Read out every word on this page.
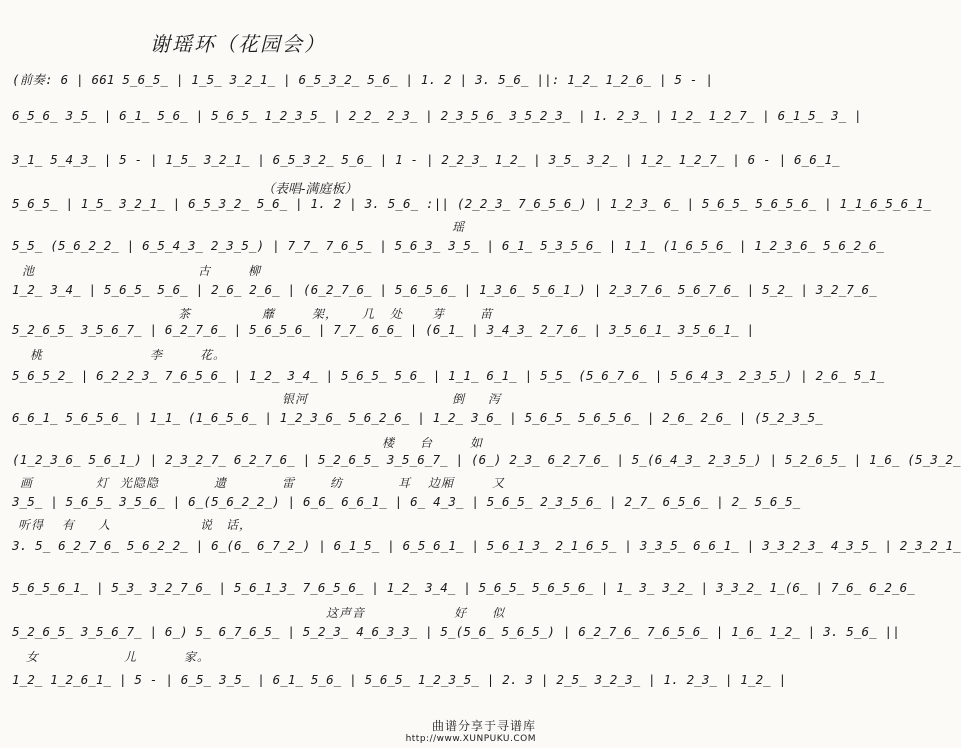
谢瑶环（花园会）
(前奏: 6 | 661 5̲6̲5̲ | 1̲5̲ 3̲2̲1̲ | 6̲5̲3̲2̲ 5̲6̲ | 1. 2 | 3. 5̲6̲ ||: 1̲2̲ 1̲2̲6̲ | 5 - |
6̲5̲6̲ 3̲5̲ | 6̲1̲ 5̲6̲ | 5̲6̲5̲ 1̲2̲3̲5̲ | 2̲2̲ 2̲3̲ | 2̲3̲5̲6̲ 3̲5̲2̲3̲ | 1. 2̲3̲ | 1̲2̲ 1̲2̲7̲ | 6̲1̲5̲ 3̲ |
3̲1̲ 5̲4̲3̲ | 5 - | 1̲5̲ 3̲2̲1̲ | 6̲5̲3̲2̲ 5̲6̲ | 1 - | 2̲2̲3̲ 1̲2̲ | 3̲5̲ 3̲2̲ | 1̲2̲ 1̲2̲7̲ | 6 - | 6̲6̲1̲
（表唱-满庭板）
5̲6̲5̲ | 1̲5̲ 3̲2̲1̲ | 6̲5̲3̲2̲ 5̲6̲ | 1. 2 | 3. 5̲6̲ :|| (2̲2̲3̲ 7̲6̲5̲6̲) | 1̲2̲3̲ 6̲ | 5̲6̲5̲ 5̲6̲5̲6̲ | 1̲1̲6̲5̲6̲1̲
瑶
5̲5̲ (5̲6̲2̲2̲ | 6̲5̲4̲3̲ 2̲3̲5̲) | 7̲7̲ 7̲6̲5̲ | 5̲6̲3̲ 3̲5̲ | 6̲1̲ 5̲3̲5̲6̲ | 1̲1̲ (1̲6̲5̲6̲ | 1̲2̲3̲6̲ 5̲6̲2̲6̲
池	古	柳
1̲2̲ 3̲4̲ | 5̲6̲5̲ 5̲6̲ | 2̲6̲ 2̲6̲ | (6̲2̲7̲6̲ | 5̲6̲5̲6̲ | 1̲3̲6̲ 5̲6̲1̲) | 2̲3̲7̲6̲ 5̲6̲7̲6̲ | 5̲2̲ | 3̲2̲7̲6̲
茶	蘼	架， 几 处 芽	苗
5̲2̲6̲5̲ 3̲5̲6̲7̲ | 6̲2̲7̲6̲ | 5̲6̲5̲6̲ | 7̲7̲ 6̲6̲ | (6̲1̲ | 3̲4̲3̲ 2̲7̲6̲ | 3̲5̲6̲1̲ 3̲5̲6̲1̲ |
桃	李	花。
5̲6̲5̲2̲ | 6̲2̲2̲3̲ 7̲6̲5̲6̲ | 1̲2̲ 3̲4̲ | 5̲6̲5̲ 5̲6̲ | 1̲1̲ 6̲1̲ | 5̲5̲ (5̲6̲7̲6̲ | 5̲6̲4̲3̲ 2̲3̲5̲) | 2̲6̲ 5̲1̲
银河	倒 泻
6̲6̲1̲ 5̲6̲5̲6̲ | 1̲1̲ (1̲6̲5̲6̲ | 1̲2̲3̲6̲ 5̲6̲2̲6̲ | 1̲2̲ 3̲6̲ | 5̲6̲5̲ 5̲6̲5̲6̲ | 2̲6̲ 2̲6̲ | (5̲2̲3̲5̲
楼 台	如
(1̲2̲3̲6̲ 5̲6̲1̲) | 2̲3̲2̲7̲ 6̲2̲7̲6̲ | 5̲2̲6̲5̲ 3̲5̲6̲7̲ | (6̲) 2̲3̲ 6̲2̲7̲6̲ | 5̲(6̲4̲3̲ 2̲3̲5̲) | 5̲2̲6̲5̲ | 1̲6̲ (5̲3̲2̲
画	灯 光隐隐	遗	雷	纺	耳 边厢	又
3̲5̲ | 5̲6̲5̲ 3̲5̲6̲ | 6̲(5̲6̲2̲2̲) | 6̲6̲ 6̲6̲1̲ | 6̲ 4̲3̲ | 5̲6̲5̲ 2̲3̲5̲6̲ | 2̲7̲ 6̲5̲6̲ | 2̲ 5̲6̲5̲
听得 有 人	说 话，
3. 5̲ 6̲2̲7̲6̲ 5̲6̲2̲2̲ | 6̲(6̲ 6̲7̲2̲) | 6̲1̲5̲ | 6̲5̲6̲1̲ | 5̲6̲1̲3̲ 2̲1̲6̲5̲ | 3̲3̲5̲ 6̲6̲1̲ | 3̲3̲2̲3̲ 4̲3̲5̲ | 2̲3̲2̲1̲
5̲6̲5̲6̲1̲ | 5̲3̲ 3̲2̲7̲6̲ | 5̲6̲1̲3̲ 7̲6̲5̲6̲ | 1̲2̲ 3̲4̲ | 5̲6̲5̲ 5̲6̲5̲6̲ | 1̲ 3̲ 3̲2̲ | 3̲3̲2̲ 1̲(6̲ | 7̲6̲ 6̲2̲6̲
这声音	好 似
5̲2̲6̲5̲ 3̲5̲6̲7̲ | 6̲) 5̲ 6̲7̲6̲5̲ | 5̲2̲3̲ 4̲6̲3̲3̲ | 5̲(5̲6̲ 5̲6̲5̲) | 6̲2̲7̲6̲ 7̲6̲5̲6̲ | 1̲6̲ 1̲2̲ | 3. 5̲6̲ ||
女	儿	家。
1̲2̲ 1̲2̲6̲1̲ | 5 - | 6̲5̲ 3̲5̲ | 6̲1̲ 5̲6̲ | 5̲6̲5̲ 1̲2̲3̲5̲ | 2. 3 | 2̲5̲ 3̲2̲3̲ | 1. 2̲3̲ | 1̲2̲ |
曲谱分享于寻谱库
http://www.XUNPUKU.COM
